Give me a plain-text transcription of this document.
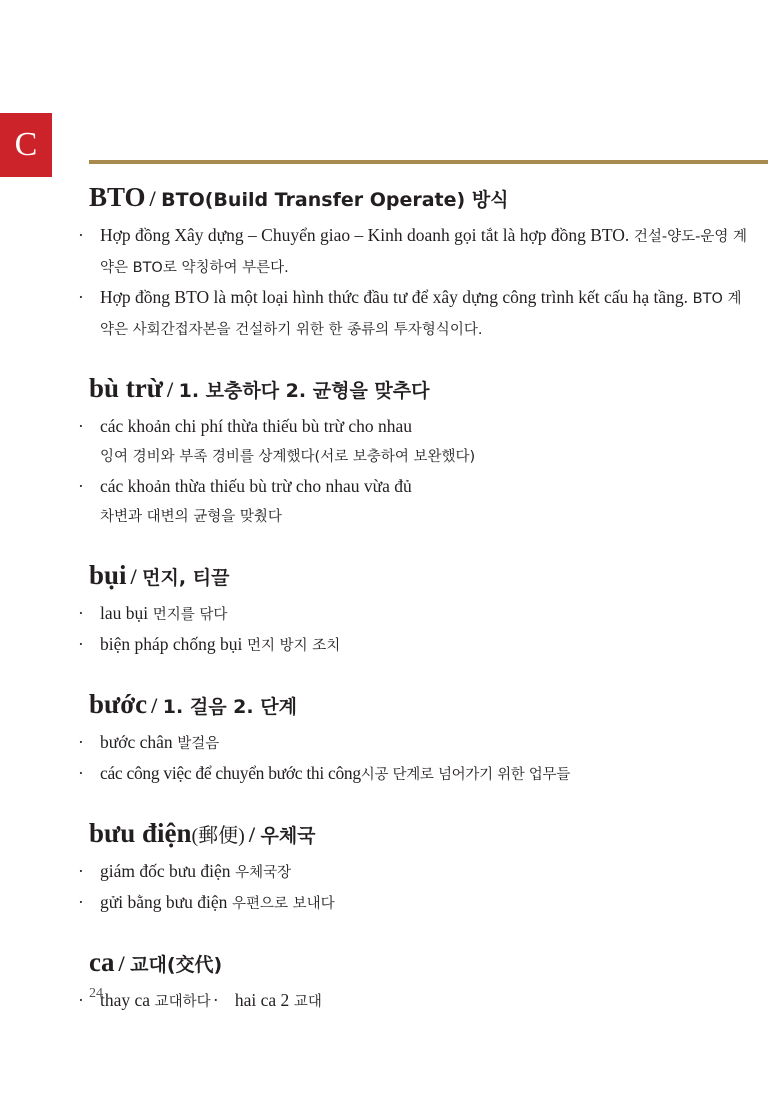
C
BTO / BTO(Build Transfer Operate) 방식

· Hợp đồng Xây dựng – Chuyển giao – Kinh doanh gọi tắt là hợp đồng BTO. 건설-양도-운영 계약은 BTO로 약칭하여 부른다.

· Hợp đồng BTO là một loại hình thức đầu tư để xây dựng công trình kết cấu hạ tầng. BTO 계약은 사회간접자본을 건설하기 위한 한 종류의 투자형식이다.

bù trừ / 1. 보충하다 2. 균형을 맞추다

· các khoản chi phí thừa thiếu bù trừ cho nhau
잉여 경비와 부족 경비를 상계했다(서로 보충하여 보완했다)

· các khoản thừa thiếu bù trừ cho nhau vừa đủ
차변과 대변의 균형을 맞췄다

bụi / 먼지, 티끌

· lau bụi 먼지를 닦다

· biện pháp chống bụi 먼지 방지 조치

bước / 1. 걸음 2. 단계

· bước chân 발걸음

· các công việc để chuyển bước thi công시공 단계로 넘어가기 위한 업무들

bưu điện(郵便) / 우체국

· giám đốc bưu điện 우체국장

· gửi bằng bưu điện 우편으로 보내다

ca / 교대(交代)

· thay ca 교대하다 · hai ca 2 교대

24
